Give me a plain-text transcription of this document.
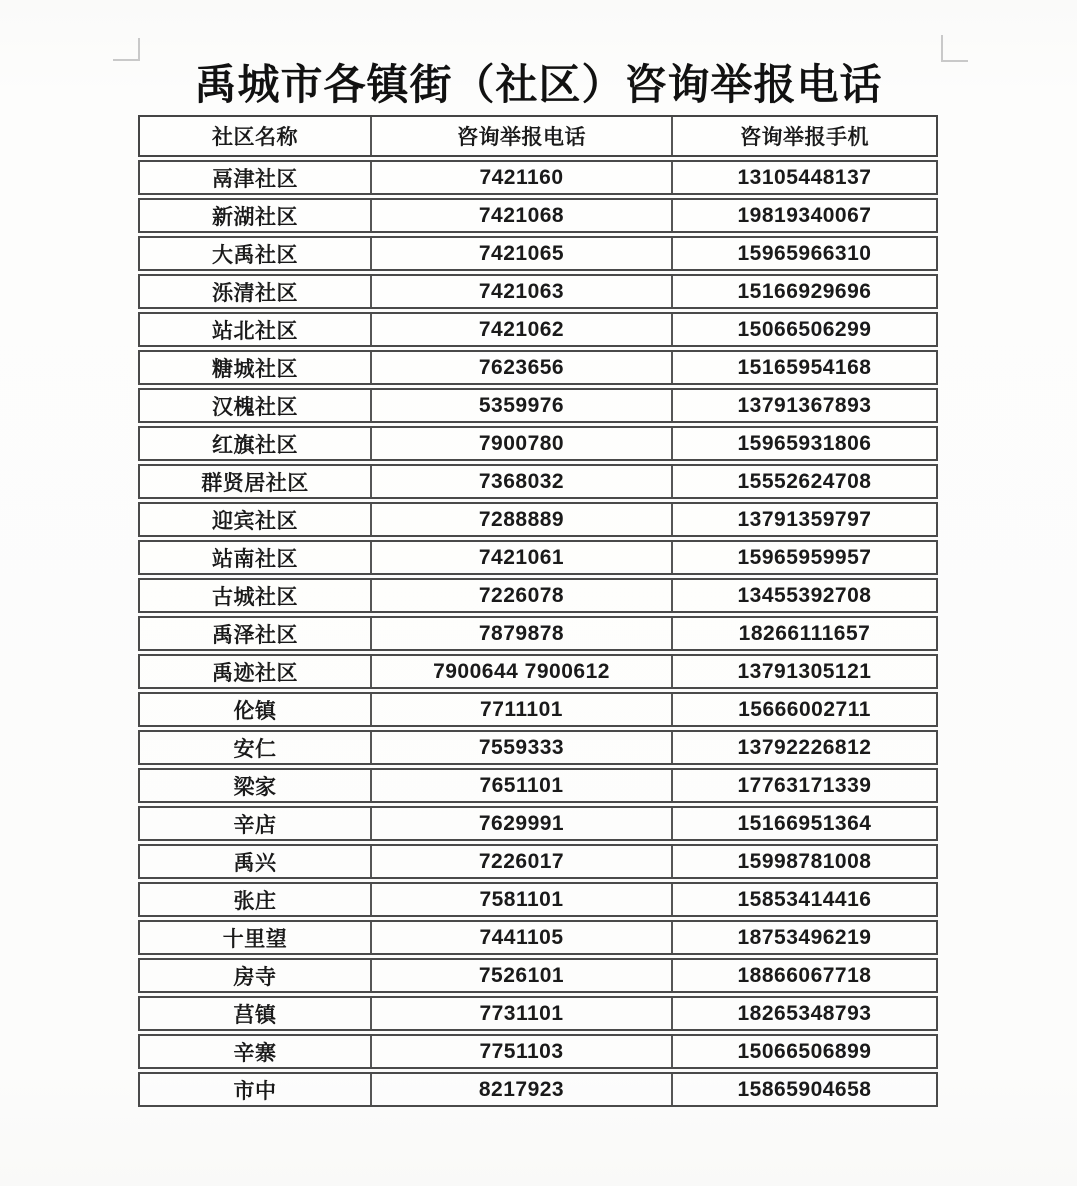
禹城市各镇街（社区）咨询举报电话
社区名称	咨询举报电话	咨询举报手机
鬲津社区	7421160	13105448137
新湖社区	7421068	19819340067
大禹社区	7421065	15965966310
泺清社区	7421063	15166929696
站北社区	7421062	15066506299
糖城社区	7623656	15165954168
汉槐社区	5359976	13791367893
红旗社区	7900780	15965931806
群贤居社区	7368032	15552624708
迎宾社区	7288889	13791359797
站南社区	7421061	15965959957
古城社区	7226078	13455392708
禹泽社区	7879878	18266111657
禹迹社区	7900644 7900612	13791305121
伦镇	7711101	15666002711
安仁	7559333	13792226812
梁家	7651101	17763171339
辛店	7629991	15166951364
禹兴	7226017	15998781008
张庄	7581101	15853414416
十里望	7441105	18753496219
房寺	7526101	18866067718
莒镇	7731101	18265348793
辛寨	7751103	15066506899
市中	8217923	15865904658
